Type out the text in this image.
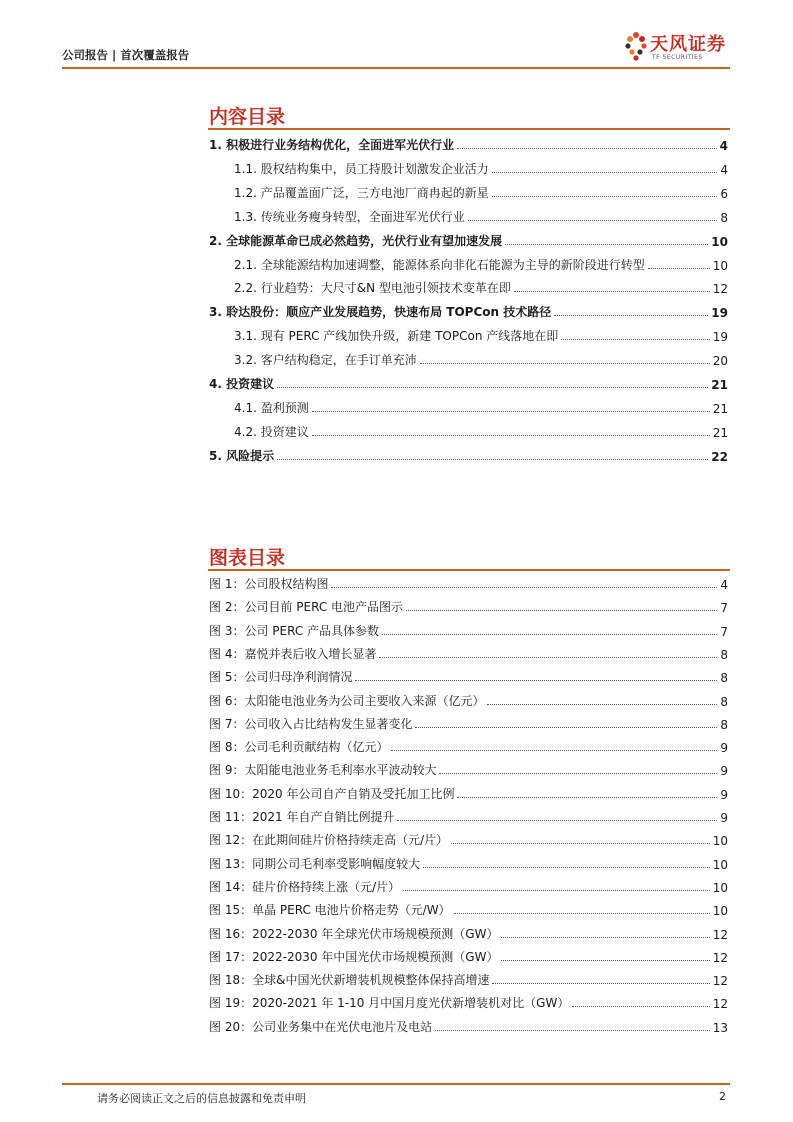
公司报告 | 首次覆盖报告	天风证券
TF SECURITIES
内容目录
1. 积极进行业务结构优化，全面进军光伏行业	4
1.1. 股权结构集中，员工持股计划激发企业活力	4
1.2. 产品覆盖面广泛，三方电池厂商冉起的新星	6
1.3. 传统业务瘦身转型，全面进军光伏行业	8
2. 全球能源革命已成必然趋势，光伏行业有望加速发展	10
2.1. 全球能源结构加速调整，能源体系向非化石能源为主导的新阶段进行转型	10
2.2. 行业趋势：大尺寸&N 型电池引领技术变革在即	12
3. 聆达股份：顺应产业发展趋势，快速布局 TOPCon 技术路径	19
3.1. 现有 PERC 产线加快升级，新建 TOPCon 产线落地在即	19
3.2. 客户结构稳定，在手订单充沛	20
4. 投资建议	21
4.1. 盈利预测	21
4.2. 投资建议	21
5. 风险提示	22
图表目录
图 1：公司股权结构图	4
图 2：公司目前 PERC 电池产品图示	7
图 3：公司 PERC 产品具体参数	7
图 4：嘉悦并表后收入增长显著	8
图 5：公司归母净利润情况	8
图 6：太阳能电池业务为公司主要收入来源（亿元）	8
图 7：公司收入占比结构发生显著变化	8
图 8：公司毛利贡献结构（亿元）	9
图 9：太阳能电池业务毛利率水平波动较大	9
图 10：2020 年公司自产自销及受托加工比例	9
图 11：2021 年自产自销比例提升	9
图 12：在此期间硅片价格持续走高（元/片）	10
图 13：同期公司毛利率受影响幅度较大	10
图 14：硅片价格持续上涨（元/片）	10
图 15：单晶 PERC 电池片价格走势（元/W）	10
图 16：2022-2030 年全球光伏市场规模预测（GW）	12
图 17：2022-2030 年中国光伏市场规模预测（GW）	12
图 18：全球&中国光伏新增装机规模整体保持高增速	12
图 19：2020-2021 年 1-10 月中国月度光伏新增装机对比（GW）	12
图 20：公司业务集中在光伏电池片及电站	13
请务必阅读正文之后的信息披露和免责申明	2
